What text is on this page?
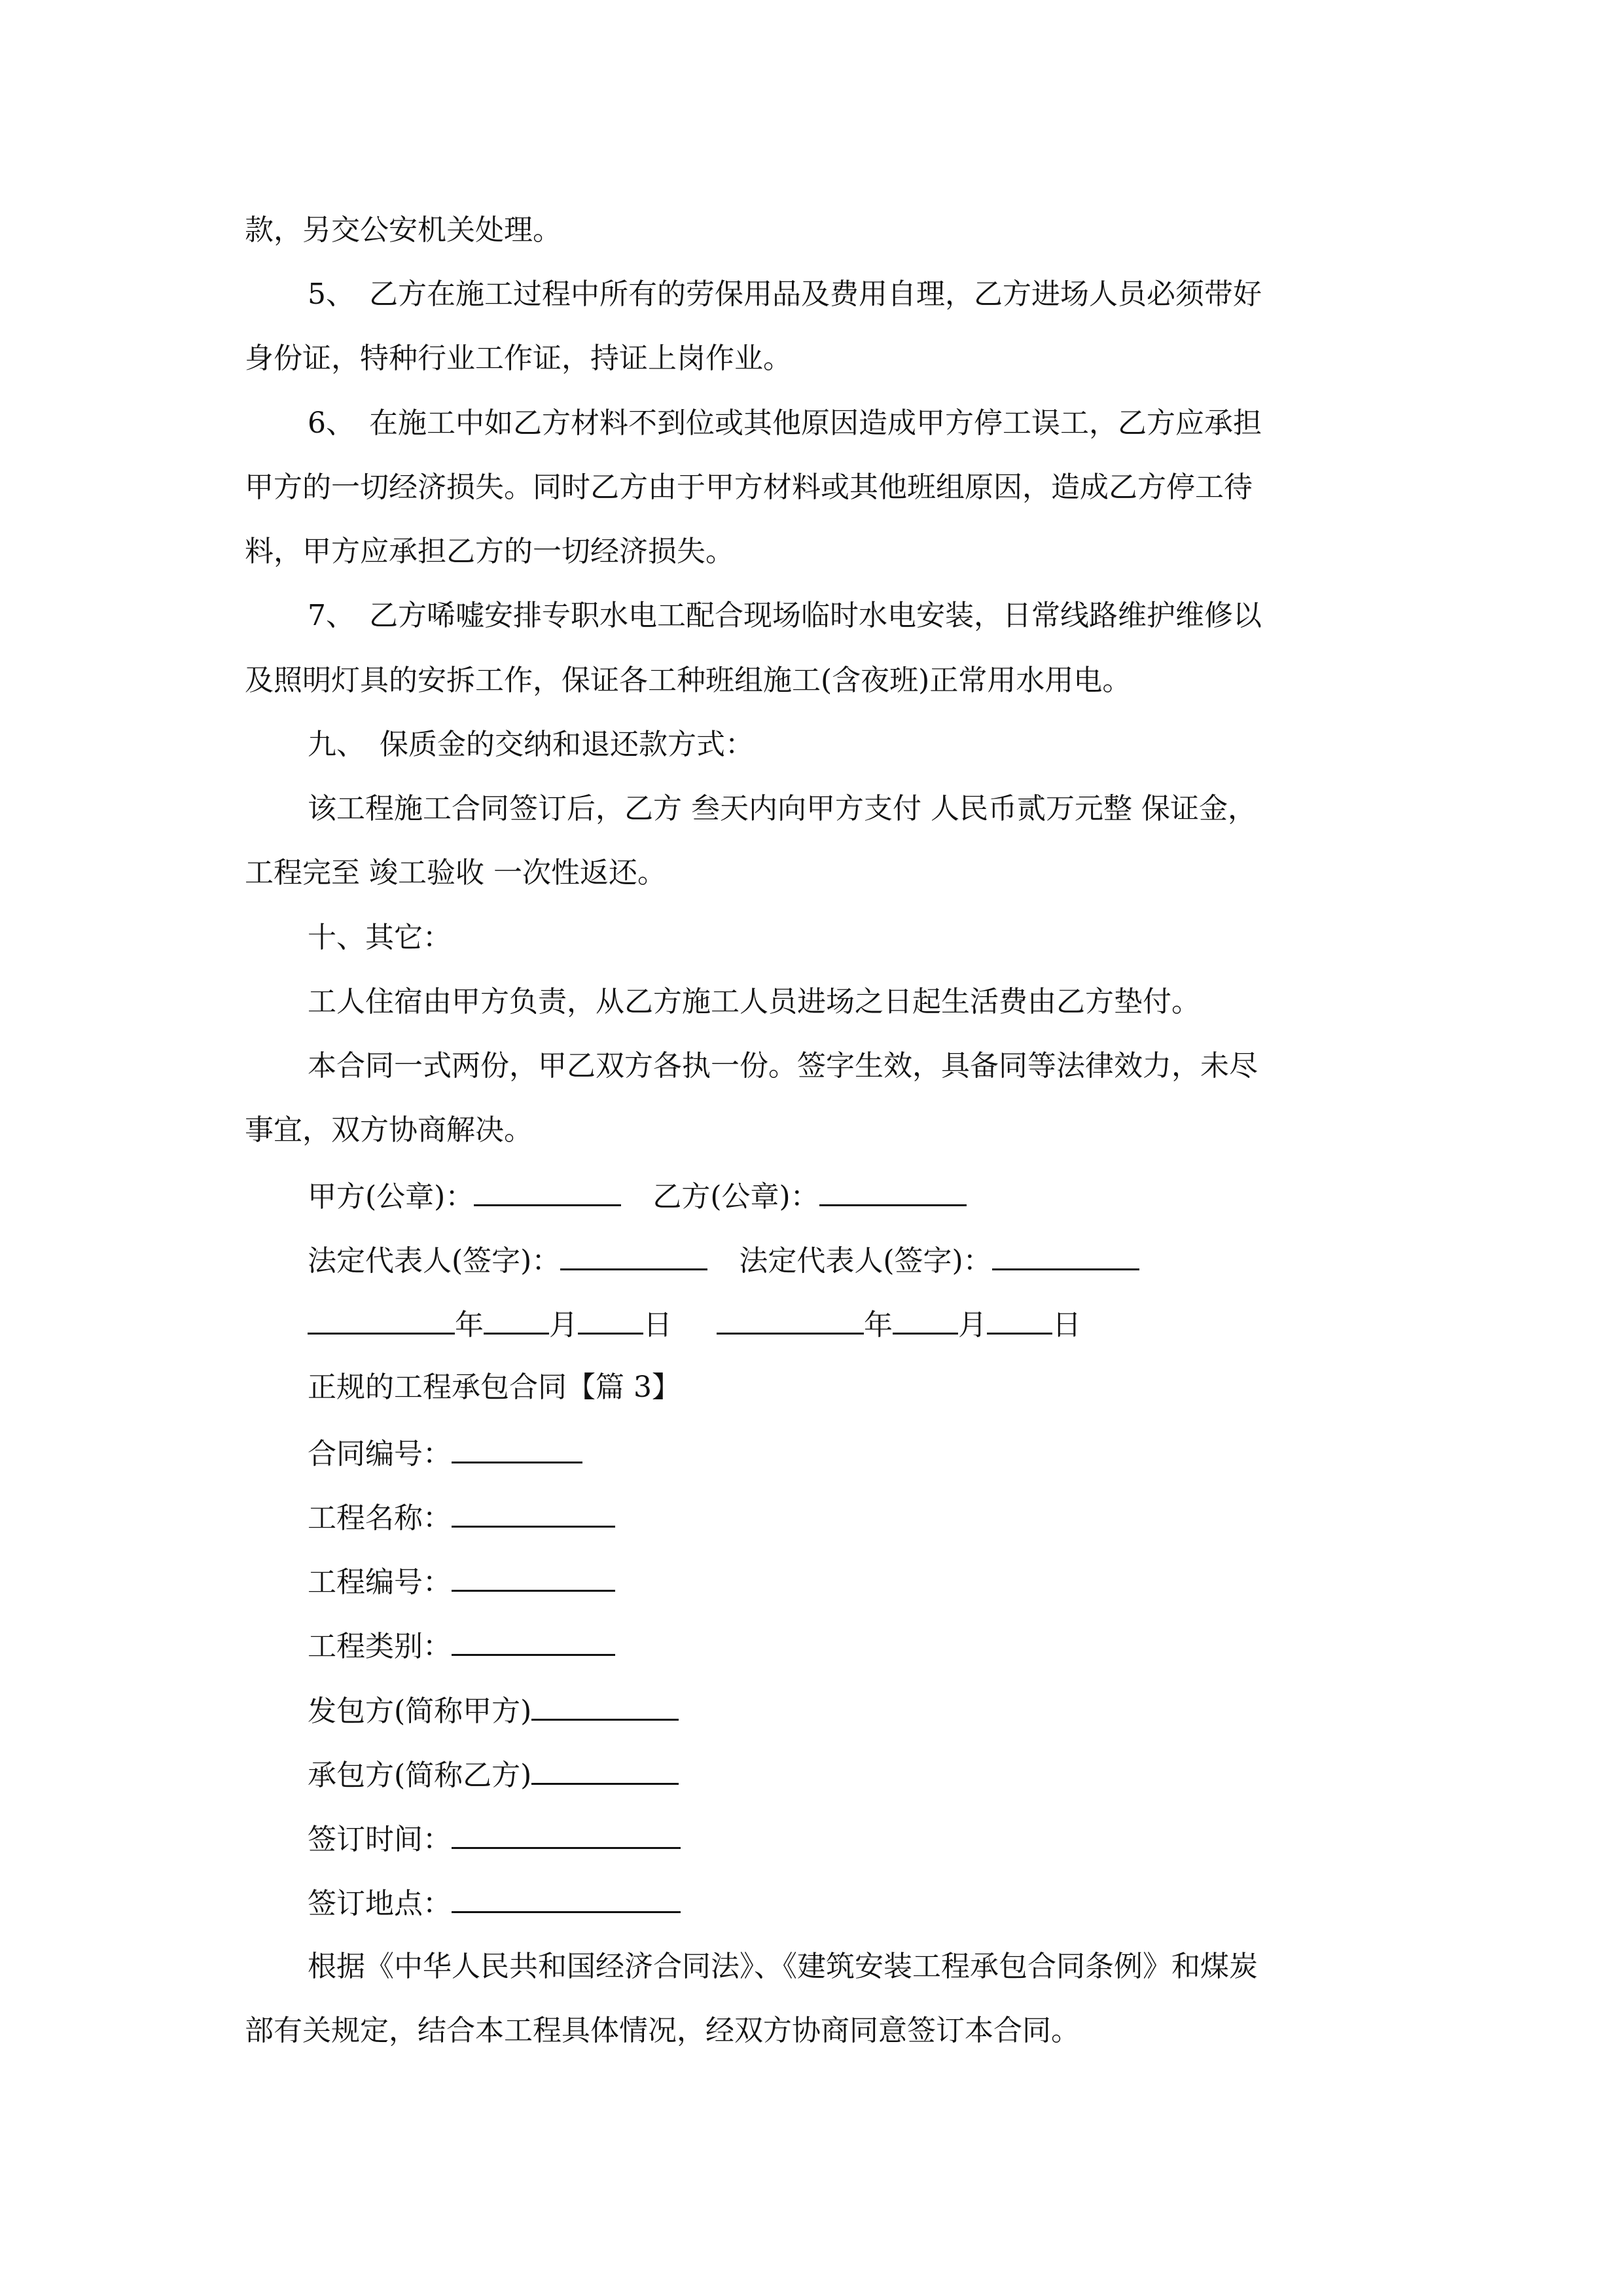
款，另交公安机关处理。
5、　乙方在施工过程中所有的劳保用品及费用自理，乙方进场人员必须带好
身份证，特种行业工作证，持证上岗作业。
6、　在施工中如乙方材料不到位或其他原因造成甲方停工误工，乙方应承担
甲方的一切经济损失。同时乙方由于甲方材料或其他班组原因，造成乙方停工待
料，甲方应承担乙方的一切经济损失。
7、　乙方唏嘘安排专职水电工配合现场临时水电安装，日常线路维护维修以
及照明灯具的安拆工作，保证各工种班组施工(含夜班)正常用水用电。
九、　保质金的交纳和退还款方式：
该工程施工合同签订后，乙方 叁天内向甲方支付 人民币贰万元整 保证金，
工程完至 竣工验收 一次性返还。
十、其它：
工人住宿由甲方负责，从乙方施工人员进场之日起生活费由乙方垫付。
本合同一式两份，甲乙双方各执一份。签字生效，具备同等法律效力，未尽
事宜，双方协商解决。
甲方(公章)：	乙方(公章)：
法定代表人(签字)：	法定代表人(签字)：
年 月 日	年 月 日
正规的工程承包合同【篇 3】
合同编号：
工程名称：
工程编号：
工程类别：
发包方(简称甲方)
承包方(简称乙方)
签订时间：
签订地点：
根据《中华人民共和国经济合同法》、《建筑安装工程承包合同条例》和煤炭
部有关规定，结合本工程具体情况，经双方协商同意签订本合同。
